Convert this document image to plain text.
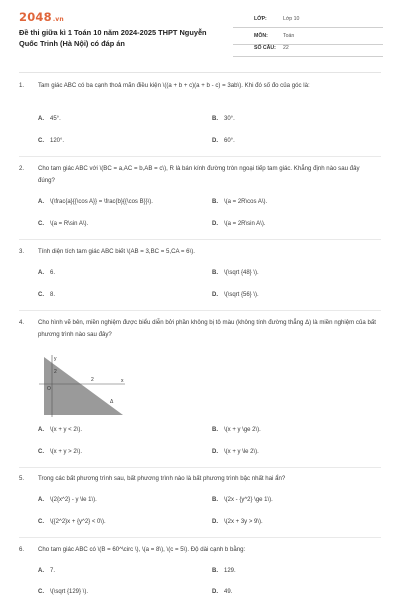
2048.vn
Đề thi giữa kì 1 Toán 10 năm 2024-2025 THPT Nguyễn Quốc Trinh (Hà Nội) có đáp án
LỚP:	Lớp 10
MÔN:	Toán
SỐ CÂU: 22
1.	Tam giác ABC có ba cạnh thoả mãn điều kiện \((a + b + c)(a + b - c) = 3ab\). Khi đó số đo của góc là:
A. 45°.	B. 30°.
C. 120°.	D. 60°.
2.	Cho tam giác ABC với \(BC = a,AC = b,AB = c\), R là bán kính đường tròn ngoại tiếp tam giác. Khẳng định nào sau đây đúng?
A. \(\frac{a}{{\cos A}} = \frac{b}{{\cos B}}\).	B. \(a = 2R\cos A\).
C. \(a = R\sin A\).	D. \(a = 2R\sin A\).
3.	Tính diện tích tam giác ABC biết \(AB = 3,BC = 5,CA = 6\).
A. 6.	B. \(\sqrt {48} \).
C. 8.	D. \(\sqrt {56} \).
4.	Cho hình vẽ bên, miền nghiệm được biểu diễn bởi phần không bị tô màu (không tính đường thẳng Δ) là miền nghiệm của bất phương trình nào sau đây?
y
x
2
2
O
Δ
A. \(x + y < 2\).	B. \(x + y \ge 2\).
C. \(x + y > 2\).	D. \(x + y \le 2\).
5.	Trong các bất phương trình sau, bất phương trình nào là bất phương trình bậc nhất hai ẩn?
A. \(2{x^2} - y \le 1\).	B. \(2x - {y^2} \ge 1\).
C. \({2^2}x + {y^2} < 0\).	D. \(2x + 3y > 9\).
6.	Cho tam giác ABC có \(B = 60^\circ \), \(a = 8\), \(c = 5\). Độ dài cạnh b bằng:
A. 7.	B. 129.
C. \(\sqrt {129} \).	D. 49.
